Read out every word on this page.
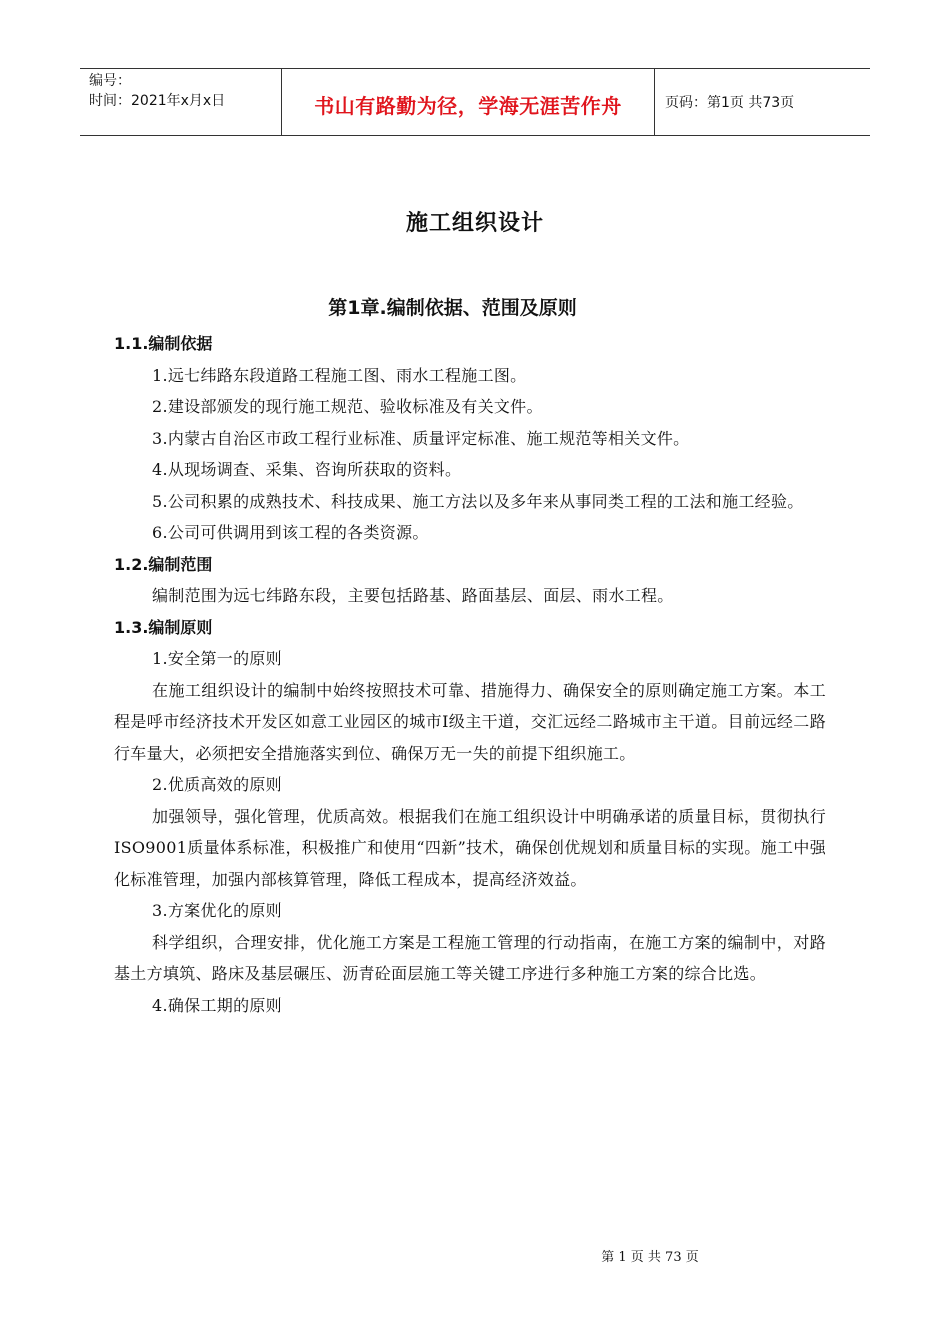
编号：
时间：2021年x月x日	书山有路勤为径，学海无涯苦作舟	页码：第1页 共73页
施工组织设计
第1章.编制依据、范围及原则
1.1.编制依据

1.远七纬路东段道路工程施工图、雨水工程施工图。

2.建设部颁发的现行施工规范、验收标准及有关文件。

3.内蒙古自治区市政工程行业标准、质量评定标准、施工规范等相关文件。

4.从现场调查、采集、咨询所获取的资料。

5.公司积累的成熟技术、科技成果、施工方法以及多年来从事同类工程的工法和施工经验。

6.公司可供调用到该工程的各类资源。

1.2.编制范围

编制范围为远七纬路东段，主要包括路基、路面基层、面层、雨水工程。

1.3.编制原则

1.安全第一的原则

在施工组织设计的编制中始终按照技术可靠、措施得力、确保安全的原则确定施工方案。本工程是呼市经济技术开发区如意工业园区的城市Ⅰ级主干道，交汇远经二路城市主干道。目前远经二路行车量大，必须把安全措施落实到位、确保万无一失的前提下组织施工。

2.优质高效的原则

加强领导，强化管理，优质高效。根据我们在施工组织设计中明确承诺的质量目标，贯彻执行ISO9001质量体系标准，积极推广和使用“四新”技术，确保创优规划和质量目标的实现。施工中强化标准管理，加强内部核算管理，降低工程成本，提高经济效益。

3.方案优化的原则

科学组织，合理安排，优化施工方案是工程施工管理的行动指南，在施工方案的编制中，对路基土方填筑、路床及基层碾压、沥青砼面层施工等关键工序进行多种施工方案的综合比选。

4.确保工期的原则

第 1 页 共 73 页
